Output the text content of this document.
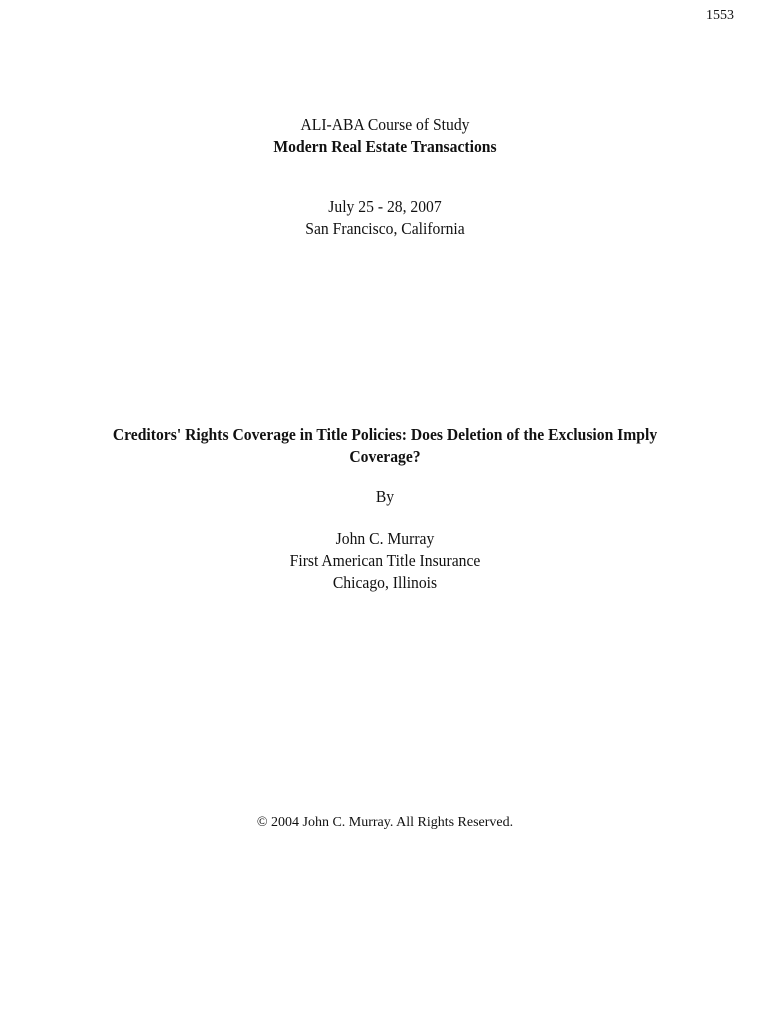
1553
ALI-ABA Course of Study
Modern Real Estate Transactions
July 25 - 28, 2007
San Francisco, California
Creditors' Rights Coverage in Title Policies: Does Deletion of the Exclusion Imply
Coverage?
By
John C. Murray
First American Title Insurance
Chicago, Illinois
© 2004 John C. Murray. All Rights Reserved.
